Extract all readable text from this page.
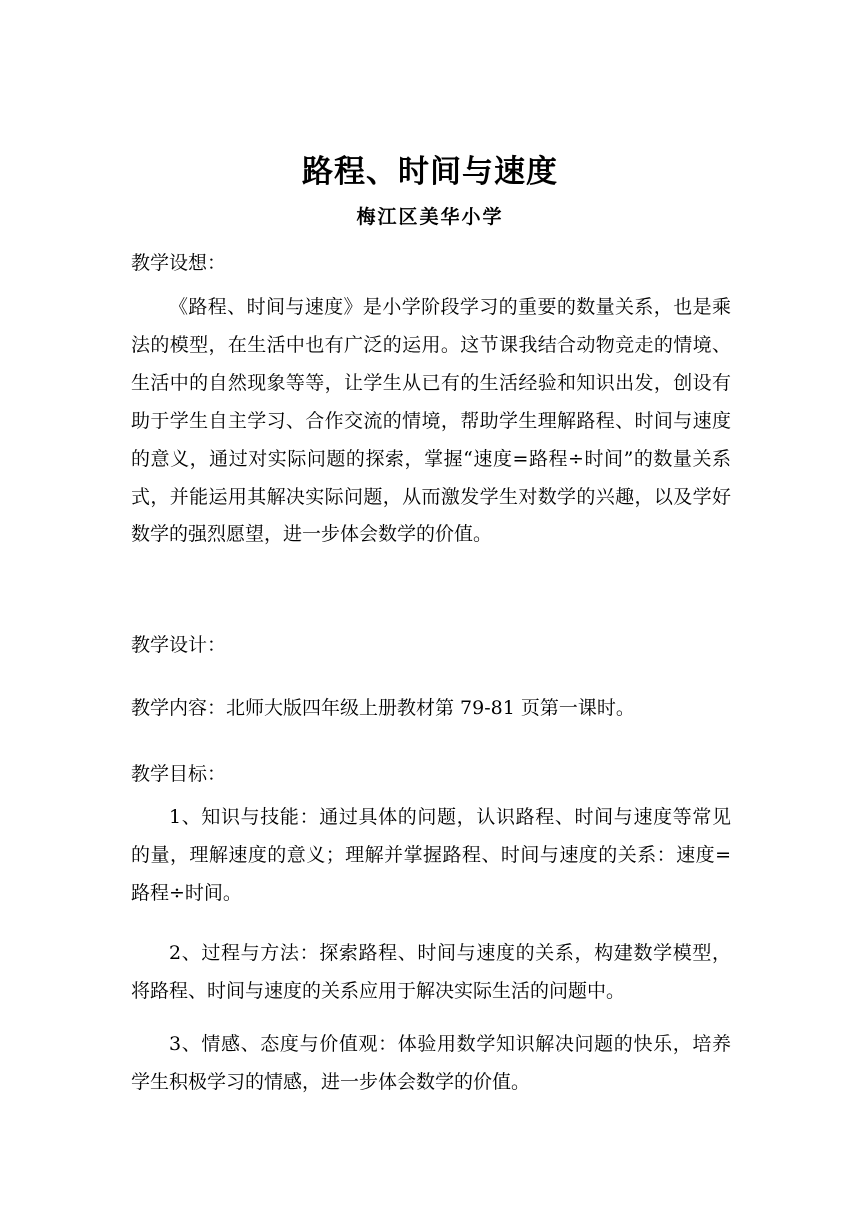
路程、时间与速度
梅江区美华小学
教学设想：
《路程、时间与速度》是小学阶段学习的重要的数量关系，也是乘法的模型，在生活中也有广泛的运用。这节课我结合动物竞走的情境、生活中的自然现象等等，让学生从已有的生活经验和知识出发，创设有助于学生自主学习、合作交流的情境，帮助学生理解路程、时间与速度的意义，通过对实际问题的探索，掌握“速度=路程÷时间”的数量关系式，并能运用其解决实际问题，从而激发学生对数学的兴趣，以及学好数学的强烈愿望，进一步体会数学的价值。
教学设计：
教学内容：北师大版四年级上册教材第 79-81 页第一课时。
教学目标：
1、知识与技能：通过具体的问题，认识路程、时间与速度等常见的量，理解速度的意义；理解并掌握路程、时间与速度的关系：速度=路程÷时间。
2、过程与方法：探索路程、时间与速度的关系，构建数学模型，将路程、时间与速度的关系应用于解决实际生活的问题中。
3、情感、态度与价值观：体验用数学知识解决问题的快乐，培养学生积极学习的情感，进一步体会数学的价值。
